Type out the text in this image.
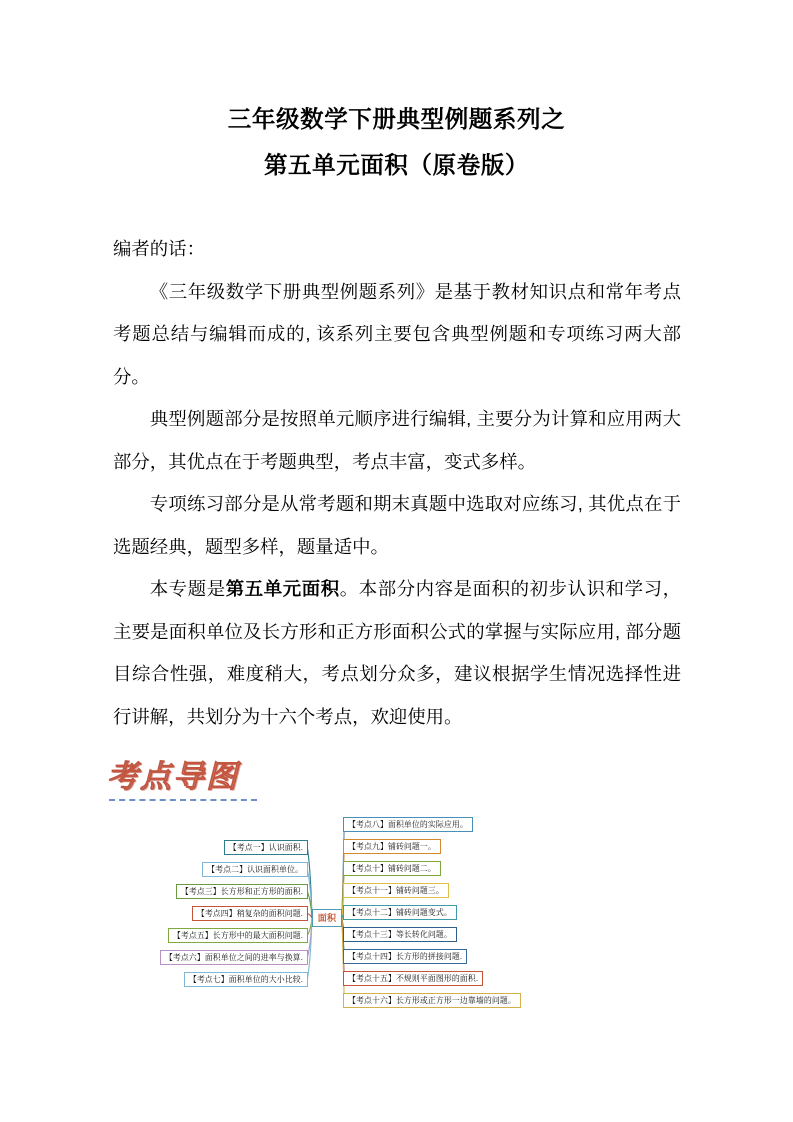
三年级数学下册典型例题系列之
第五单元面积（原卷版）

编者的话：

《三年级数学下册典型例题系列》是基于教材知识点和常年考点考题总结与编辑而成的, 该系列主要包含典型例题和专项练习两大部分。

典型例题部分是按照单元顺序进行编辑, 主要分为计算和应用两大部分，其优点在于考题典型，考点丰富，变式多样。

专项练习部分是从常考题和期末真题中选取对应练习, 其优点在于选题经典，题型多样，题量适中。

本专题是第五单元面积。本部分内容是面积的初步认识和学习，主要是面积单位及长方形和正方形面积公式的掌握与实际应用, 部分题目综合性强，难度稍大，考点划分众多，建议根据学生情况选择性进行讲解，共划分为十六个考点，欢迎使用。

考点导图
【考点一】认识面积.
【考点二】认识面积单位。
【考点三】长方形和正方形的面积.
【考点四】稍复杂的面积问题.
【考点五】长方形中的最大面积问题.
【考点六】面积单位之间的进率与换算.
【考点七】面积单位的大小比较.
【考点八】面积单位的实际应用。
【考点九】铺砖问题一。
【考点十】铺砖问题二。
【考点十一】铺砖问题三。
【考点十二】铺砖问题变式。
【考点十三】等长转化问题。
【考点十四】长方形的拼接问题.
【考点十五】不规则平面图形的面积.
【考点十六】长方形或正方形一边靠墙的问题。
面积
